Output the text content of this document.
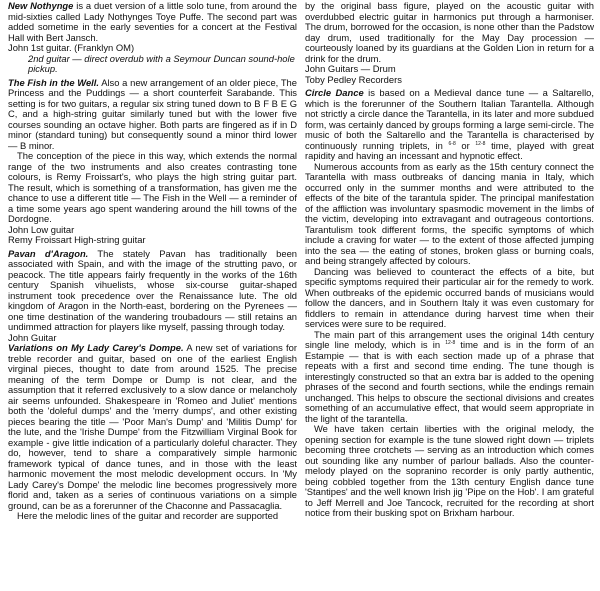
New Nothynge is a duet version of a little solo tune, from around the mid-sixties called Lady Nothynges Toye Puffe. The second part was added sometime in the early seventies for a concert at the Festival Hall with Bert Jansch.

John 1st guitar. (Franklyn OM)
2nd guitar — direct overdub with a Seymour Duncan sound-hole pickup.

The Fish in the Well. Also a new arrangement of an older piece, The Princess and the Puddings — a short counterfeit Sarabande. This setting is for two guitars, a regular six string tuned down to B F B E G C, and a high-string guitar similarly tuned but with the lower five courses sounding an octave higher. Both parts are fingered as if in D minor (standard tuning) but consequently sound a minor third lower — B minor.

The conception of the piece in this way, which extends the normal range of the two instruments and also creates contrasting tone colours, is Remy Froissart's, who plays the high string guitar part. The result, which is something of a transformation, has given me the chance to use a different title — The Fish in the Well — a reminder of a time some years ago spent wandering around the hill towns of the Dordogne.

John Low guitar
Remy Froissart High-string guitar

Pavan d'Aragon. The stately Pavan has traditionally been associated with Spain, and with the image of the strutting pavo, or peacock. The title appears fairly frequently in the works of the 16th century Spanish vihuelists, whose six-course guitar-shaped instrument took precedence over the Renaissance lute. The old kingdom of Aragon in the North-east, bordering on the Pyrenees — one time destination of the wandering troubadours — still retains an undimmed attraction for players like myself, passing through today.

John Guitar

Variations on My Lady Carey's Dompe. A new set of variations for treble recorder and guitar, based on one of the earliest English virginal pieces, thought to date from around 1525. The precise meaning of the term Dompe or Dump is not clear, and the assumption that it referred exclusively to a slow dance or melancholy air seems unfounded. Shakespeare in 'Romeo and Juliet' mentions both the 'doleful dumps' and the 'merry dumps', and other existing pieces bearing the title — 'Poor Man's Dump' and 'Militis Dump' for the lute, and the 'Irishe Dumpe' from the Fitzwilliam Virginal Book for example - give little indication of a particularly doleful character. They do, however, tend to share a comparatively simple harmonic framework typical of dance tunes, and in those with the least harmonic movement the most melodic development occurs. In 'My Lady Carey's Dompe' the melodic line becomes progressively more florid and, taken as a series of continuous variations on a simple ground, can be as a forerunner of the Chaconne and Passacaglia.

Here the melodic lines of the guitar and recorder are supported

by the original bass figure, played on the acoustic guitar with overdubbed electric guitar in harmonics put through a harmoniser. The drum, borrowed for the occasion, is none other than the Padstow day drum, used traditionally for the May Day procession — courteously loaned by its guardians at the Golden Lion in return for a drink for the drum.

John Guitars — Drum
Toby Pedley Recorders

Circle Dance is based on a Medieval dance tune — a Saltarello, which is the forerunner of the Southern Italian Tarantella. Although not strictly a circle dance the Tarantella, in its later and more subdued form, was certainly danced by groups forming a large semi-circle. The music of both the Saltarello and the Tarantella is characterised by continuously running triplets, in $^{6-8}$ or $^{12-8}$ time, played with great rapidity and having an incessant and hypnotic effect.

Numerous accounts from as early as the 15th century connect the Tarantella with mass outbreaks of dancing mania in Italy, which occurred only in the summer months and were attributed to the effects of the bite of the tarantula spider. The principal manifestation of the affliction was involuntary spasmodic movement in the limbs of the victim, developing into extravagant and outrageous contortions. Tarantulism took different forms, the specific symptoms of which include a craving for water — to the extent of those affected jumping into the sea — the eating of stones, broken glass or burning coals, and being strangely affected by colours.

Dancing was believed to counteract the effects of a bite, but specific symptoms required their particular air for the remedy to work. When outbreaks of the epidemic occurred bands of musicians would follow the dancers, and in Southern Italy it was even customary for fiddlers to remain in attendance during harvest time when their services were sure to be required.

The main part of this arrangement uses the original 14th century single line melody, which is in $^{12-8}$ time and is in the form of an Estampie — that is with each section made up of a phrase that repeats with a first and second time ending. The tune though is interestingly constructed so that an extra bar is added to the opening phrases of the second and fourth sections, while the endings remain unchanged. This helps to obscure the sectional divisions and creates something of an accumulative effect, that would seem appropriate in the light of the tarantella.

We have taken certain liberties with the original melody, the opening section for example is the tune slowed right down — triplets becoming three crotchets — serving as an introduction which comes out sounding like any number of parlour ballads. Also the counter-melody played on the sopranino recorder is only partly authentic, being cobbled together from the 13th century English dance tune 'Stantipes' and the well known Irish jig 'Pipe on the Hob'. I am grateful to Jeff Merrell and Joe Tancock, recruited for the recording at short notice from their busking spot on Brixham harbour.
